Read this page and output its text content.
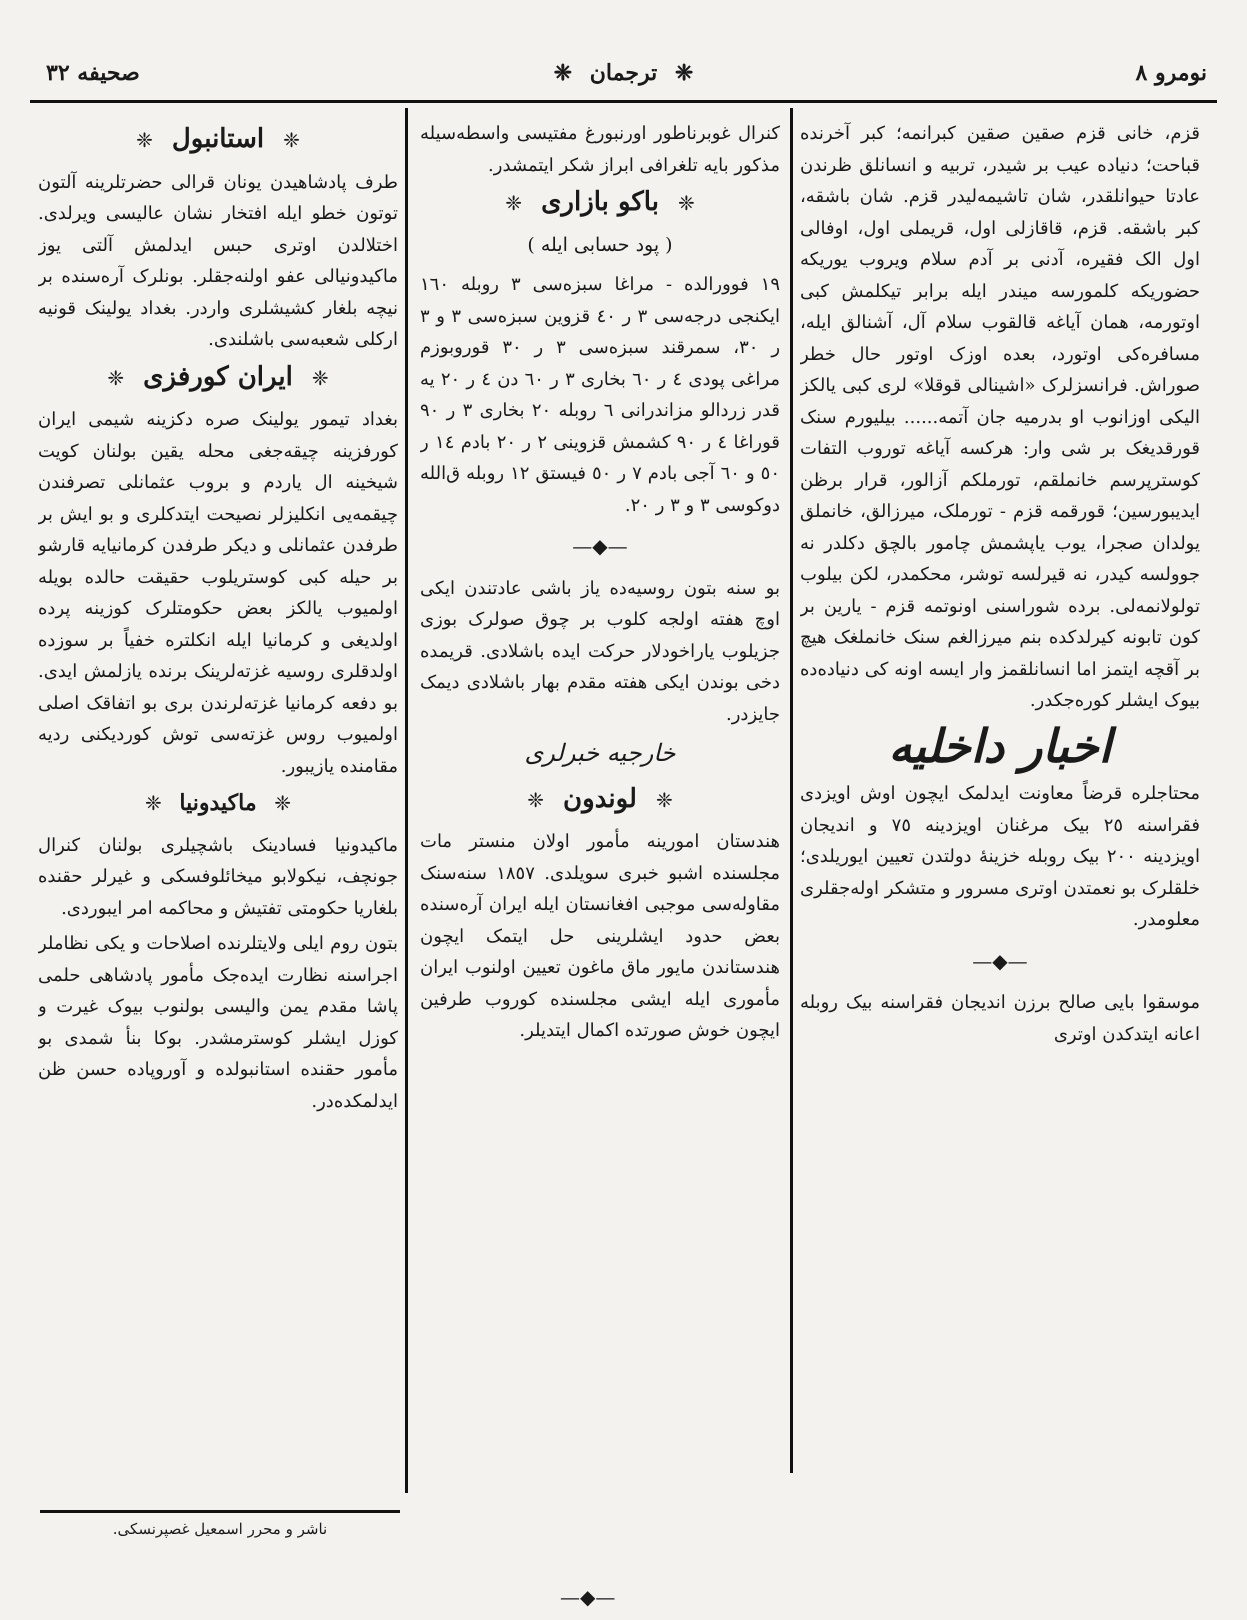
صحيفه ٣٢	❈ ترجمان ❈	نومرو ٨

قزم، خانی قزم صقین صقین کبرانمه؛ کبر آخرنده قباحت؛ دنیاده عیب بر شیدر، تربیه و انسانلق ظرندن عادتا حیوانلقدر، شان تاشیمه‌لیدر قزم. شان باشقه، کبر باشقه. قزم، قاقازلی اول، قریملی اول، اوفالی اول الک فقیره، آدنی بر آدم سلام ویروب یوریکه حضوریکه کلمورسه میندر ایله برابر تیکلمش کبی اوتورمه، همان آیاغه قالقوب سلام آل، آشنالق ایله، مسافره‌کی اوتورد، بعده اوزک اوتور حال خطر صوراش. فرانسزلرک «اشینالی قوقلا» لری کبی یالکز الیکی اوزانوب او بدرمیه جان آتمه...... بیلیورم سنک قورقدیغک بر شی وار: هرکسه آیاغه توروب التفات کوسترپرسم خانملقم، تورملکم آزالور، قرار برظن ایدیبورسین؛ قورقمه قزم - تورملک، میرزالق، خانملق یولدان صجرا، یوب یاپشمش چامور بالچق دکلدر نه جوولسه کیدر، نه قیرلسه توشر، محکمدر، لکن بیلوب تولولانمه‌لی. برده شوراسنی اونوتمه قزم - یارین بر کون تابونه کیرلدکده بنم میرزالغم سنک خانملغک هیچ بر آقچه ایتمز اما انسانلقمز وار ایسه اونه کی دنیاده‌ده بیوک ایشلر کوره‌جکدر.

اخبار داخلیه

محتاجلره قرضاً معاونت ایدلمک ایچون اوش اویزدی فقراسنه ٢٥ بیک مرغنان اویزدینه ٧٥ و اندیجان اویزدینه ٢٠٠ بیک روبله خزینهٔ دولتدن تعیین ایوریلدی؛ خلقلرک بو نعمتدن اوتری مسرور و متشکر اوله‌جقلری معلومدر.

—◆—

موسقوا بایی صالح برزن اندیجان فقراسنه بیک روبله اعانه ایتدکدن اوتری

کنرال غوبرناطور اورنبورغ مفتیسی واسطه‌سیله مذکور بایه تلغرافی ابراز شکر ایتمشدر.

❈ باکو بازاری ❈
( پود حسابی ایله )

١٩ فوورالده - مراغا سبزه‌سی ٣ روبله ١٦٠ ایکنجی درجه‌سی ٣ ر ٤٠ قزوین سبزه‌سی ٣ و ٣ ر ٣٠، سمرقند سبزه‌سی ٣ ر ٣٠ قوروبوزم مراغی پودی ٤ ر ٦٠ بخاری ٣ ر ٦٠ دن ٤ ر ٢٠ یه قدر زردالو مزاندرانی ٦ روبله ٢٠ بخاری ٣ ر ٩٠ قوراغا ٤ ر ٩٠ کشمش قزوینی ٢ ر ٢٠ بادم ١٤ ر ٥٠ و ٦٠ آجی بادم ٧ ر ٥٠ فیستق ١٢ روبله ق‌الله دوکوسی ٣ و ٣ ر ٢٠.

—◆—

بو سنه بتون روسیه‌ده یاز باشی عادتندن ایکی اوچ هفته اولجه کلوب بر چوق صولرک بوزی جزیلوب یاراخودلار حرکت ایده باشلادی. قریمده دخی بوندن ایکی هفته مقدم بهار باشلادی دیمک جایزدر.

خارجیه خبرلری
❈ لوندون ❈

هندستان امورینه مأمور اولان منستر مات مجلسنده اشبو خبری سویلدی. ١٨٥٧ سنه‌سنک مقاوله‌سی موجبی افغانستان ایله ایران آره‌سنده بعض حدود ایشلرینی حل ایتمک ایچون هندستاندن مایور ماق ماغون تعیین اولنوب ایران مأموری ایله ایشی مجلسنده کوروب طرفین ایچون خوش صورتده اکمال ایتدیلر.

—◆—
❈ استانبول ❈

طرف پادشاهیدن یونان قرالی حضرتلرینه آلتون توتون خطو ایله افتخار نشان عالیسی ویرلدی. اختلالدن اوتری حبس ایدلمش آلتی یوز ماکیدونیالی عفو اولنه‌جقلر. بونلرک آره‌سنده بر نیچه بلغار کشیشلری واردر. بغداد یولینک قونیه ارکلی شعبه‌سی باشلندی.

❈ ایران کورفزی ❈

بغداد تیمور یولینک صره دکزینه شیمی ایران کورفزینه چیقه‌جغی محله یقین بولنان کویت شیخینه ال یاردم و بروب عثمانلی تصرفندن چیقمه‌یی انکلیزلر نصیحت ایتدکلری و بو ایش بر طرفدن عثمانلی و دیکر طرفدن کرمانیایه قارشو بر حیله کبی کوستریلوب حقیقت حالده بویله اولمیوب یالکز بعض حکومتلرک کوزینه پرده اولدیغی و کرمانیا ایله انکلتره خفیاً بر سوزده اولدقلری روسیه غزته‌لرینک برنده یازلمش ایدی. بو دفعه کرمانیا غزته‌لرندن بری بو اتفاقک اصلی اولمیوب روس غزته‌سی توش کوردیکنی ردیه مقامنده یازیبور.

❈ ماکیدونیا ❈

ماکیدونیا فسادینک باشچیلری بولنان کنرال جونچف، نیکولابو میخائلوفسکی و غیرلر حقنده بلغاریا حکومتی تفتیش و محاکمه امر ایبوردی.

بتون روم ایلی ولایتلرنده اصلاحات و یکی نظاملر اجراسنه نظارت ایده‌جک مأمور پادشاهی حلمی پاشا مقدم یمن والیسی بولنوب بیوک غیرت و کوزل ایشلر کوسترمشدر. بوکا بنأ شمدی بو مأمور حقنده استانبولده و آوروپاده حسن ظن ایدلمکده‌در.

ناشر و محرر اسمعیل غصپرنسکی.
